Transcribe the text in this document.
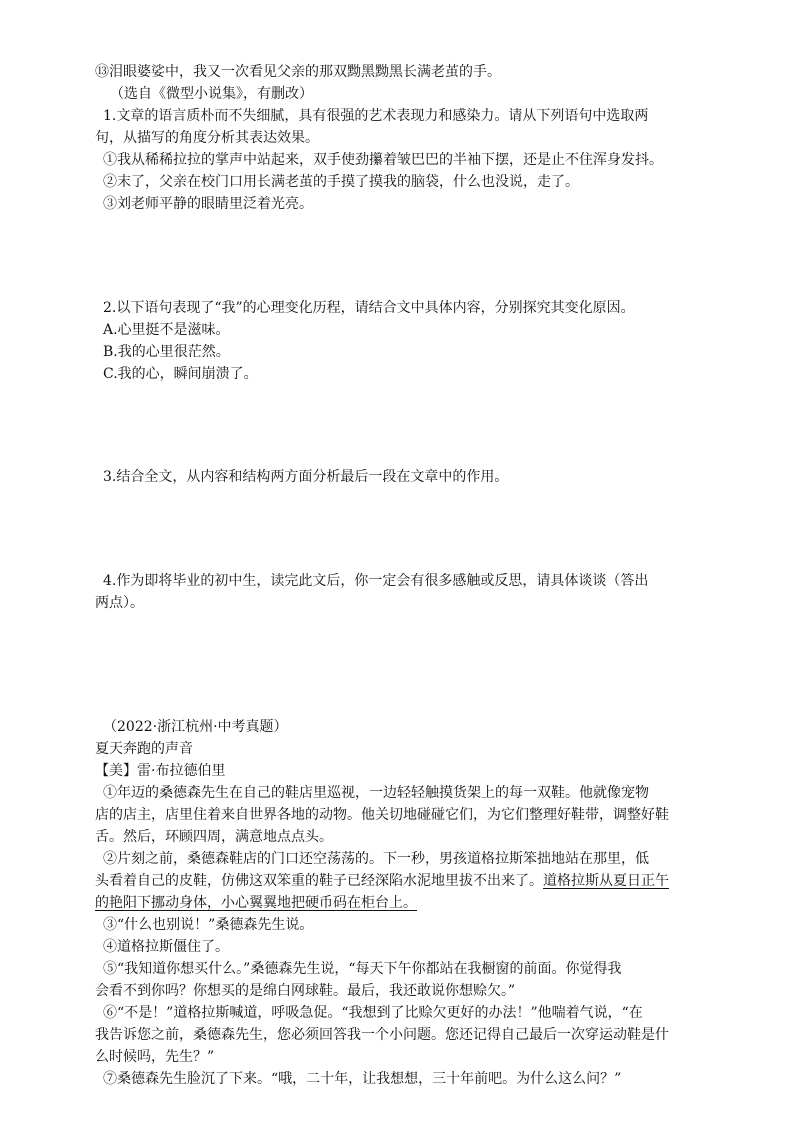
⑬泪眼婆娑中，我又一次看见父亲的那双黝黑黝黑长满老茧的手。
（选自《微型小说集》，有删改）
1.文章的语言质朴而不失细腻，具有很强的艺术表现力和感染力。请从下列语句中选取两
句，从描写的角度分析其表达效果。
①我从稀稀拉拉的掌声中站起来，双手使劲攥着皱巴巴的半袖下摆，还是止不住浑身发抖。
②末了，父亲在校门口用长满老茧的手摸了摸我的脑袋，什么也没说，走了。
③刘老师平静的眼睛里泛着光亮。
2.以下语句表现了“我”的心理变化历程，请结合文中具体内容，分别探究其变化原因。
A.心里挺不是滋味。
B.我的心里很茫然。
C.我的心，瞬间崩溃了。
3.结合全文，从内容和结构两方面分析最后一段在文章中的作用。
4.作为即将毕业的初中生，读完此文后，你一定会有很多感触或反思，请具体谈谈（答出
两点）。
（2022·浙江杭州·中考真题）
夏天奔跑的声音
【美】雷·布拉德伯里
①年迈的桑德森先生在自己的鞋店里巡视，一边轻轻触摸货架上的每一双鞋。他就像宠物
店的店主，店里住着来自世界各地的动物。他关切地碰碰它们，为它们整理好鞋带，调整好鞋
舌。然后，环顾四周，满意地点点头。
②片刻之前，桑德森鞋店的门口还空荡荡的。下一秒，男孩道格拉斯笨拙地站在那里，低
头看着自己的皮鞋，仿佛这双笨重的鞋子已经深陷水泥地里拔不出来了。道格拉斯从夏日正午
的艳阳下挪动身体，小心翼翼地把硬币码在柜台上。
③“什么也别说！”桑德森先生说。
④道格拉斯僵住了。
⑤“我知道你想买什么。”桑德森先生说，“每天下午你都站在我橱窗的前面。你觉得我
会看不到你吗？你想买的是绵白网球鞋。最后，我还敢说你想赊欠。”
⑥“不是！”道格拉斯喊道，呼吸急促。“我想到了比赊欠更好的办法！”他喘着气说，“在
我告诉您之前，桑德森先生，您必须回答我一个小问题。您还记得自己最后一次穿运动鞋是什
么时候吗，先生？”
⑦桑德森先生脸沉了下来。“哦，二十年，让我想想，三十年前吧。为什么这么问？”
